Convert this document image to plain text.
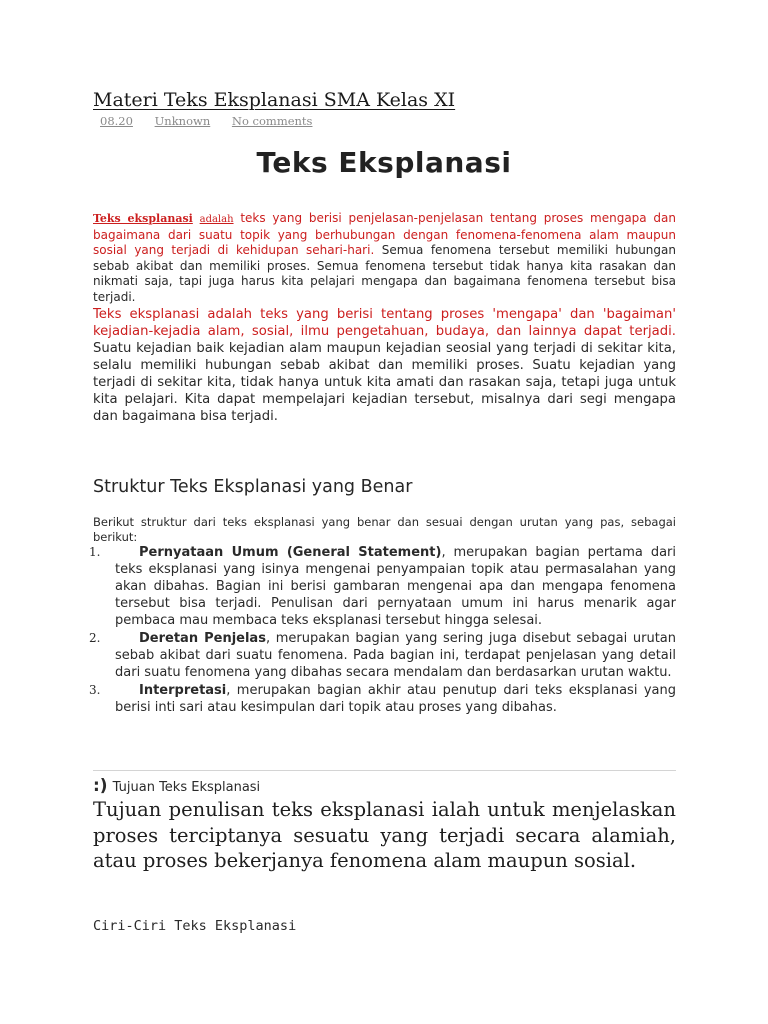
Materi Teks Eksplanasi SMA Kelas XI
08.20 Unknown No comments
Teks Eksplanasi
Teks eksplanasi adalah teks yang berisi penjelasan-penjelasan tentang proses mengapa dan bagaimana dari suatu topik yang berhubungan dengan fenomena-fenomena alam maupun sosial yang terjadi di kehidupan sehari-hari. Semua fenomena tersebut memiliki hubungan sebab akibat dan memiliki proses. Semua fenomena tersebut tidak hanya kita rasakan dan nikmati saja, tapi juga harus kita pelajari mengapa dan bagaimana fenomena tersebut bisa terjadi.
Teks eksplanasi adalah teks yang berisi tentang proses 'mengapa' dan 'bagaiman' kejadian-kejadia alam, sosial, ilmu pengetahuan, budaya, dan lainnya dapat terjadi. Suatu kejadian baik kejadian alam maupun kejadian seosial yang terjadi di sekitar kita, selalu memiliki hubungan sebab akibat dan memiliki proses. Suatu kejadian yang terjadi di sekitar kita, tidak hanya untuk kita amati dan rasakan saja, tetapi juga untuk kita pelajari. Kita dapat mempelajari kejadian tersebut, misalnya dari segi mengapa dan bagaimana bisa terjadi.
Struktur Teks Eksplanasi yang Benar
Berikut struktur dari teks eksplanasi yang benar dan sesuai dengan urutan yang pas, sebagai berikut:
1.	Pernyataan Umum (General Statement), merupakan bagian pertama dari teks eksplanasi yang isinya mengenai penyampaian topik atau permasalahan yang akan dibahas. Bagian ini berisi gambaran mengenai apa dan mengapa fenomena tersebut bisa terjadi. Penulisan dari pernyataan umum ini harus menarik agar pembaca mau membaca teks eksplanasi tersebut hingga selesai.
2.	Deretan Penjelas, merupakan bagian yang sering juga disebut sebagai urutan sebab akibat dari suatu fenomena. Pada bagian ini, terdapat penjelasan yang detail dari suatu fenomena yang dibahas secara mendalam dan berdasarkan urutan waktu.
3.	Interpretasi, merupakan bagian akhir atau penutup dari teks eksplanasi yang berisi inti sari atau kesimpulan dari topik atau proses yang dibahas.
:) Tujuan Teks Eksplanasi
Tujuan penulisan teks eksplanasi ialah untuk menjelaskan proses terciptanya sesuatu yang terjadi secara alamiah, atau proses bekerjanya fenomena alam maupun sosial.
Ciri-Ciri Teks Eksplanasi
